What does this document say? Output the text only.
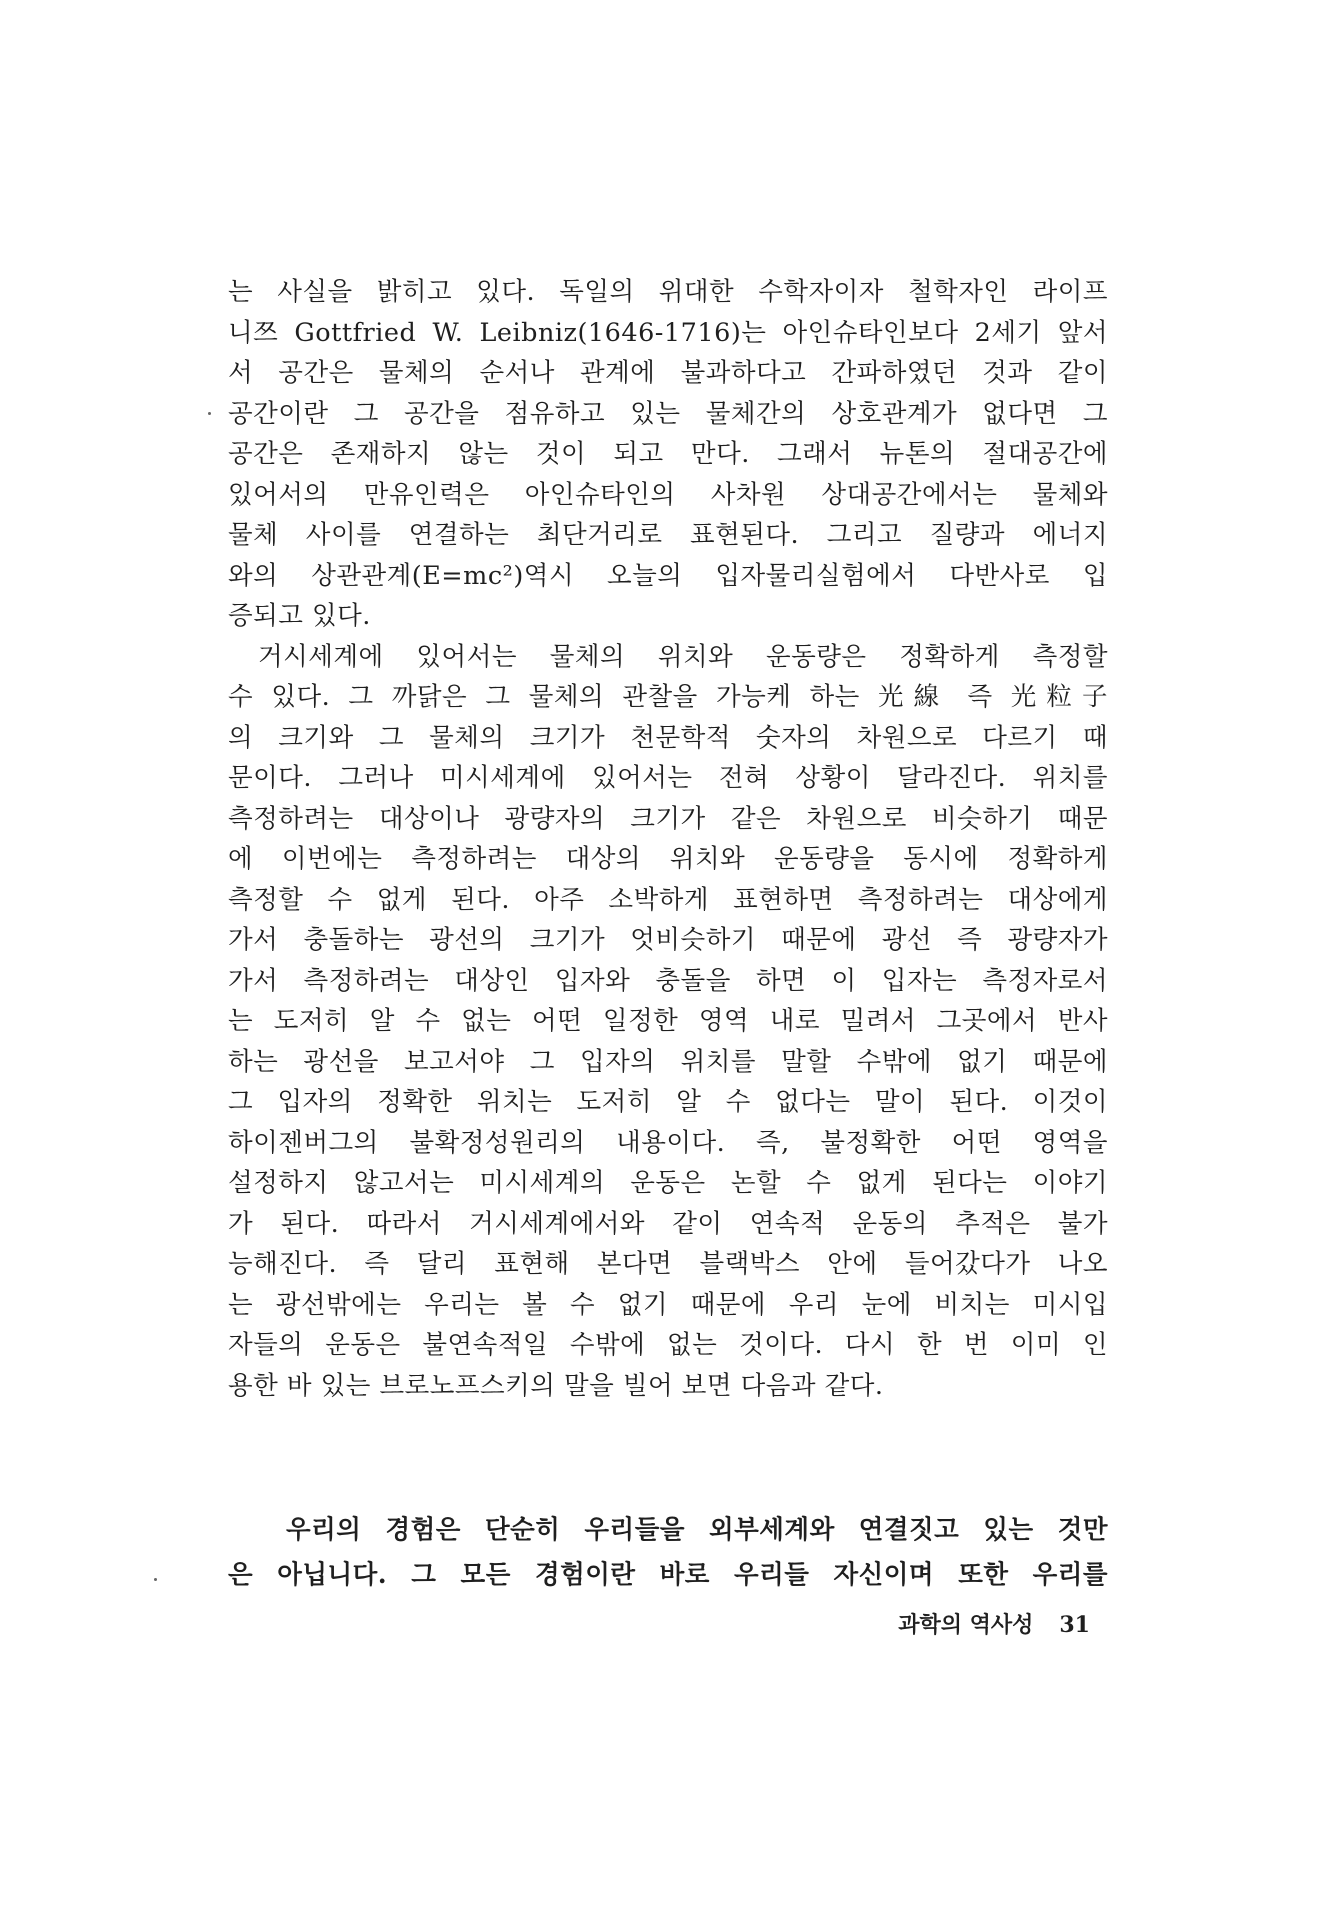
는 사실을 밝히고 있다. 독일의 위대한 수학자이자 철학자인 라이프
니쯔 Gottfried W. Leibniz(1646-1716)는 아인슈타인보다 2세기 앞서
서 공간은 물체의 순서나 관계에 불과하다고 간파하였던 것과 같이
공간이란 그 공간을 점유하고 있는 물체간의 상호관계가 없다면 그
공간은 존재하지 않는 것이 되고 만다. 그래서 뉴톤의 절대공간에
있어서의 만유인력은 아인슈타인의 사차원 상대공간에서는 물체와
물체 사이를 연결하는 최단거리로 표현된다. 그리고 질량과 에너지
와의 상관관계(E=mc²)역시 오늘의 입자물리실험에서 다반사로 입
증되고 있다.
거시세계에 있어서는 물체의 위치와 운동량은 정확하게 측정할
수 있다. 그 까닭은 그 물체의 관찰을 가능케 하는 光線 즉 光粒子
의 크기와 그 물체의 크기가 천문학적 숫자의 차원으로 다르기 때
문이다. 그러나 미시세계에 있어서는 전혀 상황이 달라진다. 위치를
측정하려는 대상이나 광량자의 크기가 같은 차원으로 비슷하기 때문
에 이번에는 측정하려는 대상의 위치와 운동량을 동시에 정확하게
측정할 수 없게 된다. 아주 소박하게 표현하면 측정하려는 대상에게
가서 충돌하는 광선의 크기가 엇비슷하기 때문에 광선 즉 광량자가
가서 측정하려는 대상인 입자와 충돌을 하면 이 입자는 측정자로서
는 도저히 알 수 없는 어떤 일정한 영역 내로 밀려서 그곳에서 반사
하는 광선을 보고서야 그 입자의 위치를 말할 수밖에 없기 때문에
그 입자의 정확한 위치는 도저히 알 수 없다는 말이 된다. 이것이
하이젠버그의 불확정성원리의 내용이다. 즉, 불정확한 어떤 영역을
설정하지 않고서는 미시세계의 운동은 논할 수 없게 된다는 이야기
가 된다. 따라서 거시세계에서와 같이 연속적 운동의 추적은 불가
능해진다. 즉 달리 표현해 본다면 블랙박스 안에 들어갔다가 나오
는 광선밖에는 우리는 볼 수 없기 때문에 우리 눈에 비치는 미시입
자들의 운동은 불연속적일 수밖에 없는 것이다. 다시 한 번 이미 인
용한 바 있는 브로노프스키의 말을 빌어 보면 다음과 같다.
우리의 경험은 단순히 우리들을 외부세계와 연결짓고 있는 것만
은 아닙니다. 그 모든 경험이란 바로 우리들 자신이며 또한 우리를
과학의 역사성 31
